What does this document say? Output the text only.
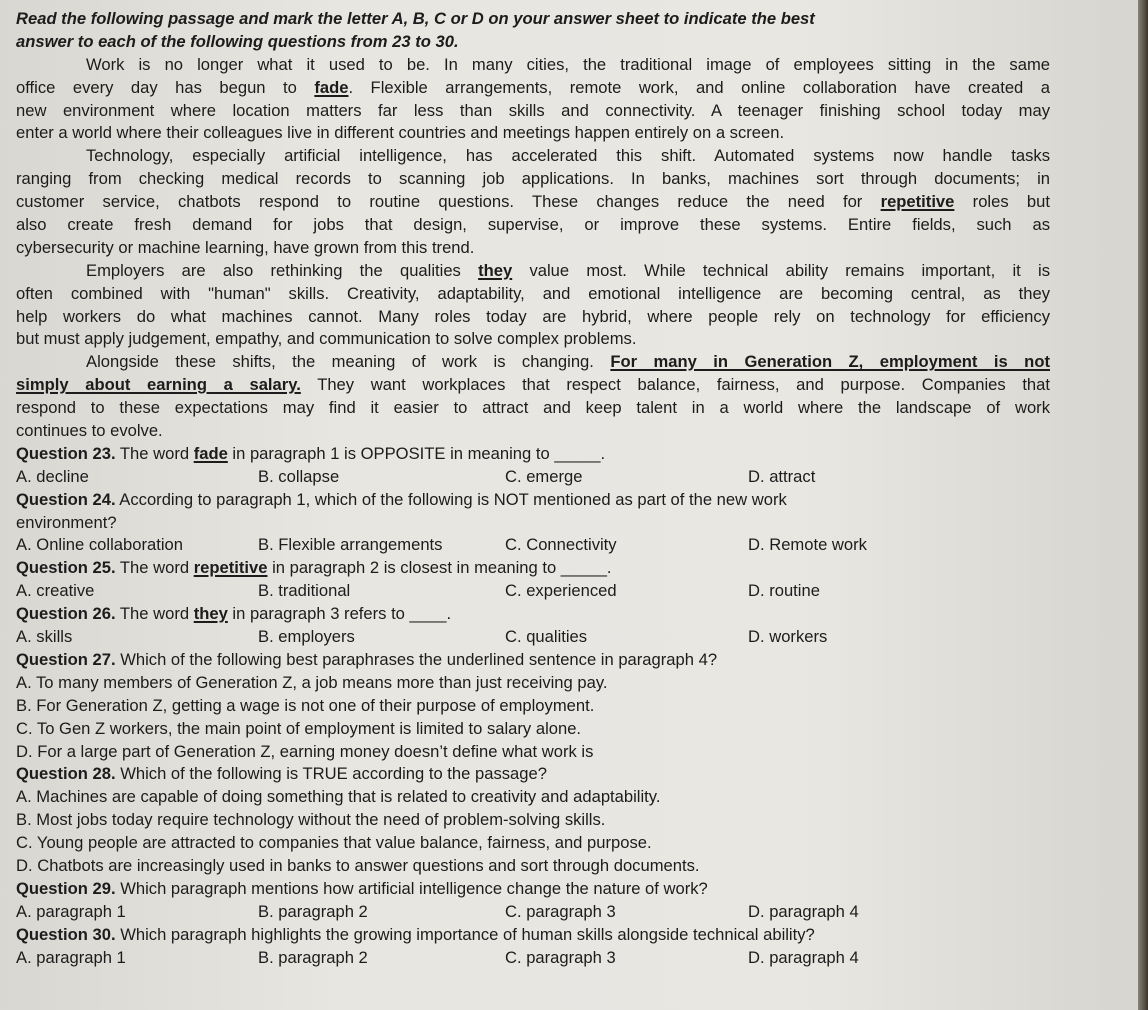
Read the following passage and mark the letter A, B, C or D on your answer sheet to indicate the best
answer to each of the following questions from 23 to 30.
Work is no longer what it used to be. In many cities, the traditional image of employees sitting in the same
office every day has begun to fade. Flexible arrangements, remote work, and online collaboration have created a
new environment where location matters far less than skills and connectivity. A teenager finishing school today may
enter a world where their colleagues live in different countries and meetings happen entirely on a screen.
Technology, especially artificial intelligence, has accelerated this shift. Automated systems now handle tasks
ranging from checking medical records to scanning job applications. In banks, machines sort through documents; in
customer service, chatbots respond to routine questions. These changes reduce the need for repetitive roles but
also create fresh demand for jobs that design, supervise, or improve these systems. Entire fields, such as
cybersecurity or machine learning, have grown from this trend.
Employers are also rethinking the qualities they value most. While technical ability remains important, it is
often combined with "human" skills. Creativity, adaptability, and emotional intelligence are becoming central, as they
help workers do what machines cannot. Many roles today are hybrid, where people rely on technology for efficiency
but must apply judgement, empathy, and communication to solve complex problems.
Alongside these shifts, the meaning of work is changing. For many in Generation Z, employment is not
simply about earning a salary. They want workplaces that respect balance, fairness, and purpose. Companies that
respond to these expectations may find it easier to attract and keep talent in a world where the landscape of work
continues to evolve.
Question 23. The word fade in paragraph 1 is OPPOSITE in meaning to _____.
A. decline	B. collapse	C. emerge	D. attract
Question 24. According to paragraph 1, which of the following is NOT mentioned as part of the new work
environment?
A. Online collaboration	B. Flexible arrangements	C. Connectivity	D. Remote work
Question 25. The word repetitive in paragraph 2 is closest in meaning to _____.
A. creative	B. traditional	C. experienced	D. routine
Question 26. The word they in paragraph 3 refers to ____.
A. skills	B. employers	C. qualities	D. workers
Question 27. Which of the following best paraphrases the underlined sentence in paragraph 4?
A. To many members of Generation Z, a job means more than just receiving pay.
B. For Generation Z, getting a wage is not one of their purpose of employment.
C. To Gen Z workers, the main point of employment is limited to salary alone.
D. For a large part of Generation Z, earning money doesn’t define what work is
Question 28. Which of the following is TRUE according to the passage?
A. Machines are capable of doing something that is related to creativity and adaptability.
B. Most jobs today require technology without the need of problem-solving skills.
C. Young people are attracted to companies that value balance, fairness, and purpose.
D. Chatbots are increasingly used in banks to answer questions and sort through documents.
Question 29. Which paragraph mentions how artificial intelligence change the nature of work?
A. paragraph 1	B. paragraph 2	C. paragraph 3	D. paragraph 4
Question 30. Which paragraph highlights the growing importance of human skills alongside technical ability?
A. paragraph 1	B. paragraph 2	C. paragraph 3	D. paragraph 4
